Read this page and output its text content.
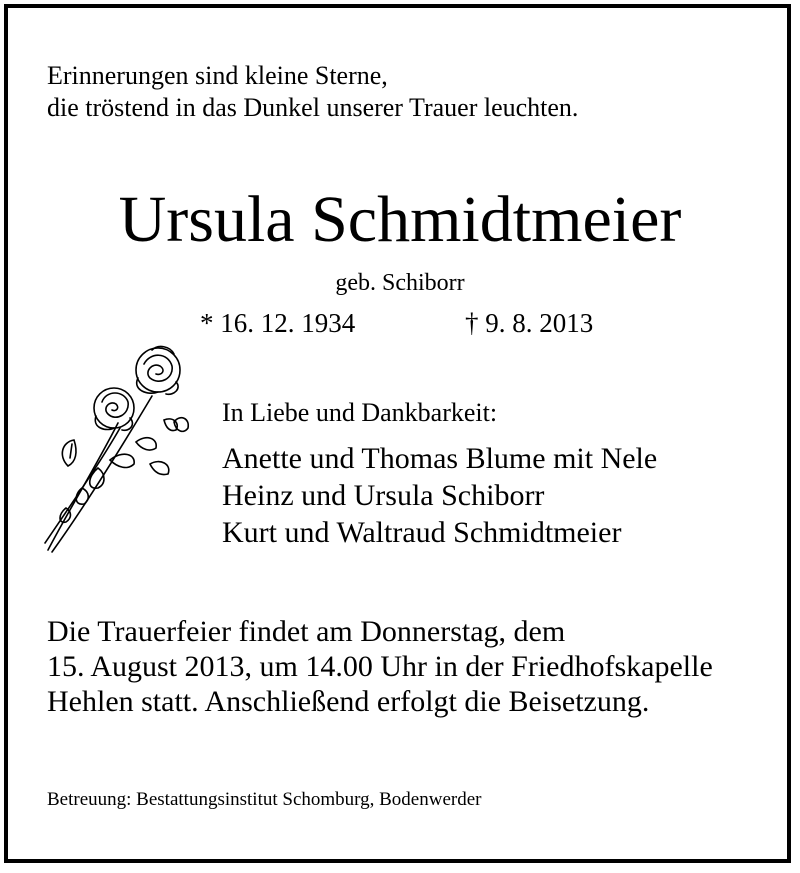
Erinnerungen sind kleine Sterne,
die tröstend in das Dunkel unserer Trauer leuchten.
Ursula Schmidtmeier
geb. Schiborr
* 16. 12. 1934	† 9. 8. 2013
In Liebe und Dankbarkeit:
Anette und Thomas Blume mit Nele
Heinz und Ursula Schiborr
Kurt und Waltraud Schmidtmeier
Die Trauerfeier findet am Donnerstag, dem
15. August 2013, um 14.00 Uhr in der Friedhofskapelle
Hehlen statt. Anschließend erfolgt die Beisetzung.
Betreuung: Bestattungsinstitut Schomburg, Bodenwerder
